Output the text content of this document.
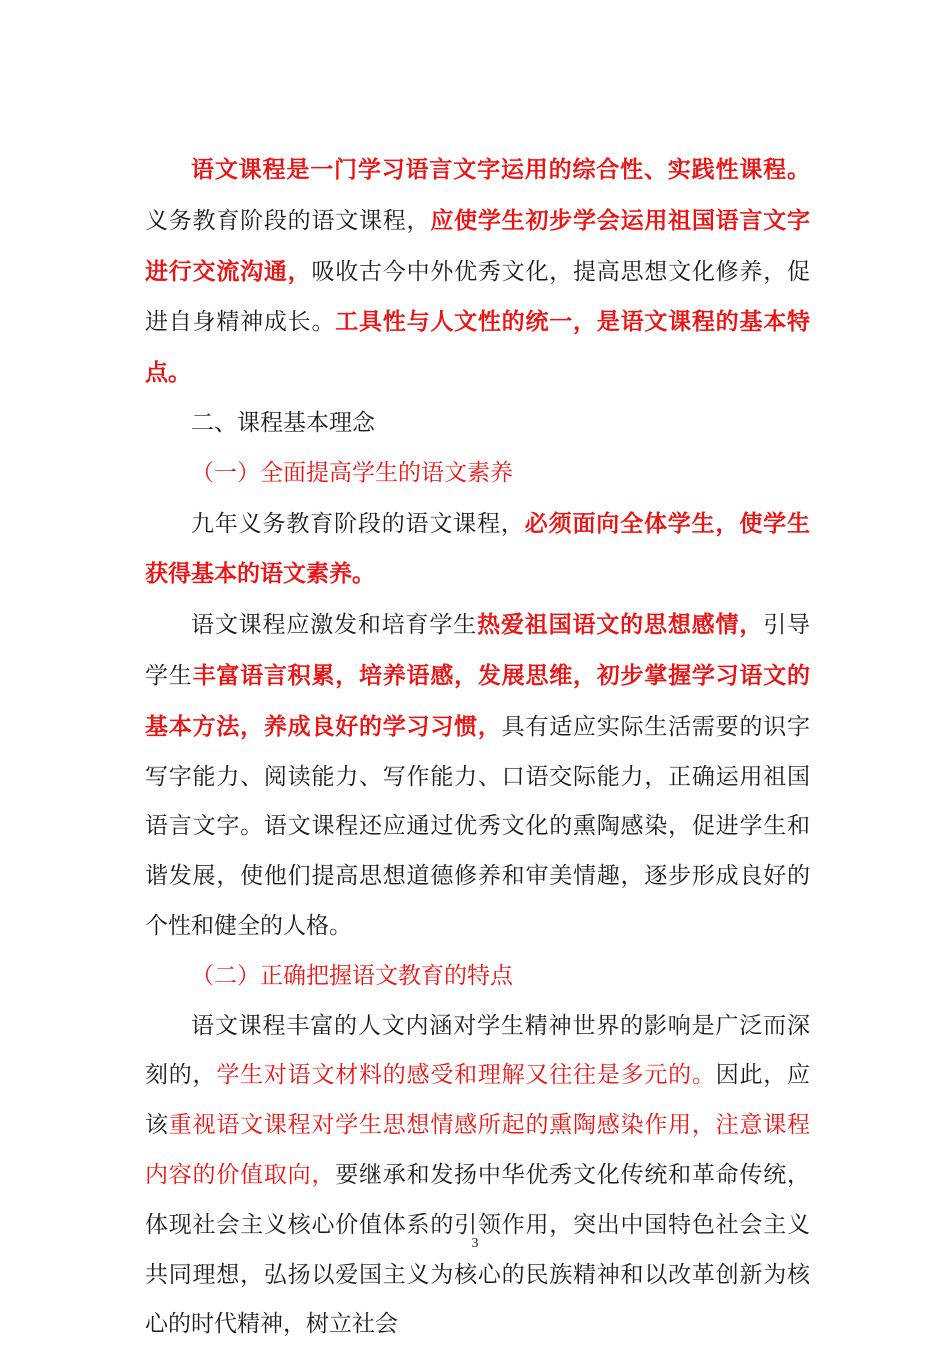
语文课程是一门学习语言文字运用的综合性、实践性课程。义务教育阶段的语文课程，应使学生初步学会运用祖国语言文字进行交流沟通，吸收古今中外优秀文化，提高思想文化修养，促进自身精神成长。工具性与人文性的统一，是语文课程的基本特点。

二、课程基本理念

（一）全面提高学生的语文素养

九年义务教育阶段的语文课程，必须面向全体学生，使学生获得基本的语文素养。

语文课程应激发和培育学生热爱祖国语文的思想感情，引导学生丰富语言积累，培养语感，发展思维，初步掌握学习语文的基本方法，养成良好的学习习惯，具有适应实际生活需要的识字写字能力、阅读能力、写作能力、口语交际能力，正确运用祖国语言文字。语文课程还应通过优秀文化的熏陶感染，促进学生和谐发展，使他们提高思想道德修养和审美情趣，逐步形成良好的个性和健全的人格。

（二）正确把握语文教育的特点

语文课程丰富的人文内涵对学生精神世界的影响是广泛而深刻的，学生对语文材料的感受和理解又往往是多元的。因此，应该重视语文课程对学生思想情感所起的熏陶感染作用，注意课程内容的价值取向，要继承和发扬中华优秀文化传统和革命传统，体现社会主义核心价值体系的引领作用，突出中国特色社会主义共同理想，弘扬以爱国主义为核心的民族精神和以改革创新为核心的时代精神，树立社会

3
